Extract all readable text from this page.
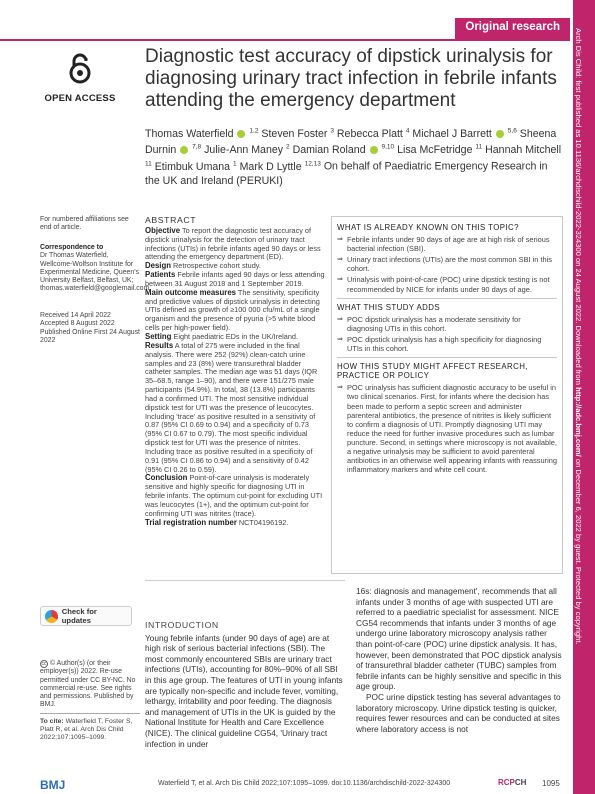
Arch Dis Child: first published as 10.1136/archdischild-2022-324300 on 24 August 2022. Downloaded from http://adc.bmj.com/ on December 6, 2022 by guest. Protected by copyright.
Original research
OPEN ACCESS
Diagnostic test accuracy of dipstick urinalysis for diagnosing urinary tract infection in febrile infants attending the emergency department
Thomas Waterfield $^{1,2}$ Steven Foster $^3$ Rebecca Platt $^4$ Michael J Barrett $^{5,6}$ Sheena Durnin $^{7,8}$ Julie-Ann Maney $^2$ Damian Roland $^{9,10}$ Lisa McFetridge $^{11}$ Hannah Mitchell $^{11}$ Etimbuk Umana $^1$ Mark D Lyttle $^{12,13}$ On behalf of Paediatric Emergency Research in the UK and Ireland (PERUKI)
For numbered affiliations see end of article.
Correspondence to
Dr Thomas Waterfield, Wellcome-Wolfson Institute for Experimental Medicine, Queen's University Belfast, Belfast, UK; thomas.waterfield@googlemail.com
Received 14 April 2022
Accepted 8 August 2022
Published Online First 24 August 2022
Check for updates
cc © Author(s) (or their employer(s)) 2022. Re-use permitted under CC BY-NC. No commercial re-use. See rights and permissions. Published by BMJ.
To cite: Waterfield T, Foster S, Platt R, et al. Arch Dis Child 2022;107:1095–1099.
ABSTRACT
Objective To report the diagnostic test accuracy of dipstick urinalysis for the detection of urinary tract infections (UTIs) in febrile infants aged 90 days or less attending the emergency department (ED).
Design Retrospective cohort study.
Patients Febrile infants aged 90 days or less attending between 31 August 2018 and 1 September 2019.
Main outcome measures The sensitivity, specificity and predictive values of dipstick urinalysis in detecting UTIs defined as growth of ≥100 000 cfu/mL of a single organism and the presence of pyuria (>5 white blood cells per high-power field).
Setting Eight paediatric EDs in the UK/Ireland.
Results A total of 275 were included in the final analysis. There were 252 (92%) clean-catch urine samples and 23 (8%) were transurethral bladder catheter samples. The median age was 51 days (IQR 35–68.5, range 1–90), and there were 151/275 male participants (54.9%). In total, 38 (13.8%) participants had a confirmed UTI. The most sensitive individual dipstick test for UTI was the presence of leucocytes. Including 'trace' as positive resulted in a sensitivity of 0.87 (95% CI 0.69 to 0.94) and a specificity of 0.73 (95% CI 0.67 to 0.79). The most specific individual dipstick test for UTI was the presence of nitrites. Including trace as positive resulted in a specificity of 0.91 (95% CI 0.86 to 0.94) and a sensitivity of 0.42 (95% CI 0.26 to 0.59).
Conclusion Point-of-care urinalysis is moderately sensitive and highly specific for diagnosing UTI in febrile infants. The optimum cut-point for excluding UTI was leucocytes (1+), and the optimum cut-point for confirming UTI was nitrites (trace).
Trial registration number NCT04196192.
WHAT IS ALREADY KNOWN ON THIS TOPIC?
⇒ Febrile infants under 90 days of age are at high risk of serious bacterial infection (SBI).
⇒ Urinary tract infections (UTIs) are the most common SBI in this cohort.
⇒ Urinalysis with point-of-care (POC) urine dipstick testing is not recommended by NICE for infants under 90 days of age.
WHAT THIS STUDY ADDS
⇒ POC dipstick urinalysis has a moderate sensitivity for diagnosing UTIs in this cohort.
⇒ POC dipstick urinalysis has a high specificity for diagnosing UTIs in this cohort.
HOW THIS STUDY MIGHT AFFECT RESEARCH, PRACTICE OR POLICY
⇒ POC urinalysis has sufficient diagnostic accuracy to be useful in two clinical scenarios. First, for infants where the decision has been made to perform a septic screen and administer parenteral antibiotics, the presence of nitrites is likely sufficient to confirm a diagnosis of UTI. Promptly diagnosing UTI may reduce the need for further invasive procedures such as lumbar puncture. Second, in settings where microscopy is not available, a negative urinalysis may be sufficient to avoid parenteral antibiotics in an otherwise well appearing infants with reassuring inflammatory markers and white cell count.
INTRODUCTION

Young febrile infants (under 90 days of age) are at high risk of serious bacterial infections (SBI). The most commonly encountered SBIs are urinary tract infections (UTIs), accounting for 80%–90% of all SBI in this age group. The features of UTI in young infants are typically non-specific and include fever, vomiting, lethargy, irritability and poor feeding. The diagnosis and management of UTIs in the UK is guided by the National Institute for Health and Care Excellence (NICE). The clinical guideline CG54, 'Urinary tract infection in under

16s: diagnosis and management', recommends that all infants under 3 months of age with suspected UTI are referred to a paediatric specialist for assessment. NICE CG54 recommends that infants under 3 months of age undergo urine laboratory microscopy analysis rather than point-of-care (POC) urine dipstick analysis. It has, however, been demonstrated that POC dipstick analysis of transurethral bladder catheter (TUBC) samples from febrile infants can be highly sensitive and specific in this age group.

POC urine dipstick testing has several advantages to laboratory microscopy. Urine dipstick testing is quicker, requires fewer resources and can be conducted at sites where laboratory access is not

BMJ	Waterfield T, et al. Arch Dis Child 2022;107:1095–1099. doi:10.1136/archdischild-2022-324300	RCPCH 1095
